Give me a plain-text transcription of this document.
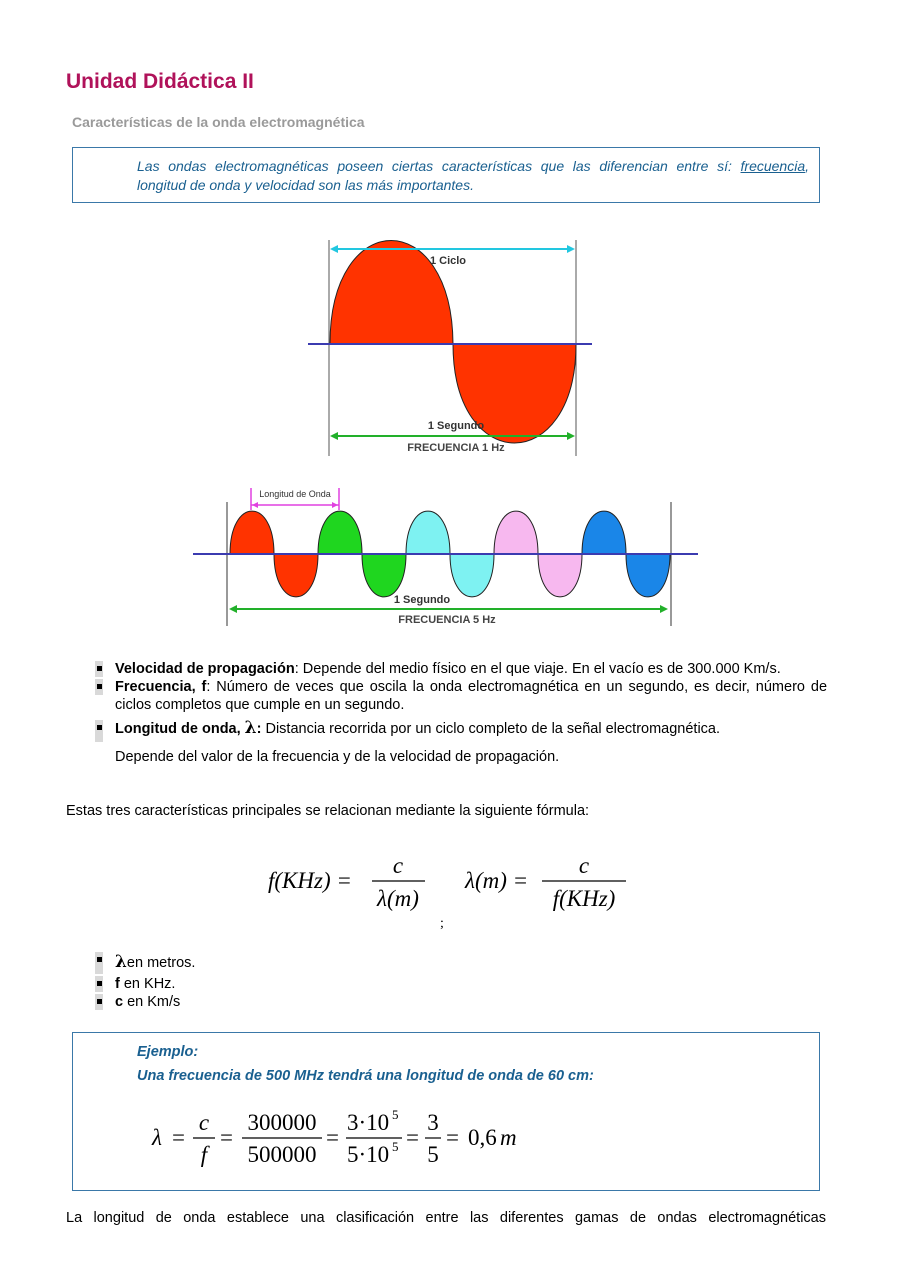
Unidad Didáctica II

Características de la onda electromagnética

Las ondas electromagnéticas poseen ciertas características que las diferencian entre sí: frecuencia, longitud de onda y velocidad son las más importantes.

1 Ciclo
1 Segundo
FRECUENCIA 1 Hz
Longitud de Onda
1 Segundo
FRECUENCIA 5 Hz
Velocidad de propagación: Depende del medio físico en el que viaje. En el vacío es de 300.000 Km/s.
Frecuencia, f: Número de veces que oscila la onda electromagnética en un segundo, es decir, número de ciclos completos que cumple en un segundo.
Longitud de onda, λ: Distancia recorrida por un ciclo completo de la señal electromagnética.
Depende del valor de la frecuencia y de la velocidad de propagación.

Estas tres características principales se relacionan mediante la siguiente fórmula:

f(KHz) =
c
λ(m)
λ(m) =
c
f(KHz)
;
λen metros.
f en KHz.
c en Km/s

Ejemplo:

Una frecuencia de 500 MHz tendrá una longitud de onda de 60 cm:

λ =
c
f
=
300000
500000
=
3·10 5
5·10 5 =
3
5
= 0,6 m

La longitud de onda establece una clasificación entre las diferentes gamas de ondas electromagnéticas
